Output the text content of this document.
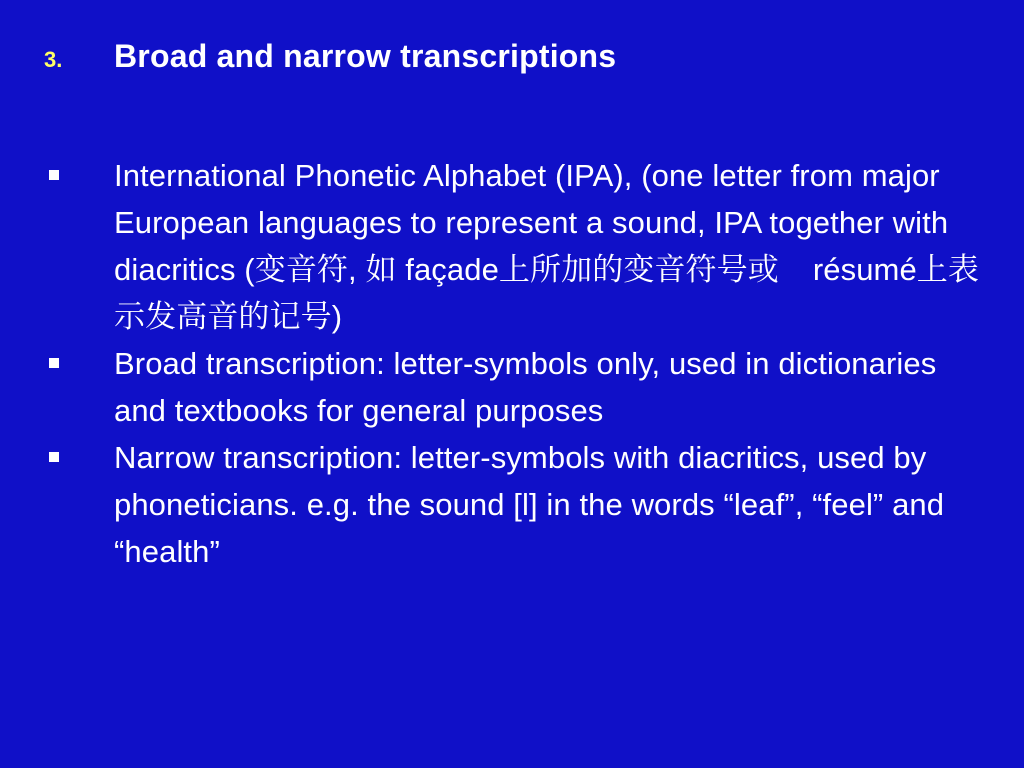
3.	Broad and narrow transcriptions
International Phonetic Alphabet (IPA), (one letter from major European languages to represent a sound, IPA together with diacritics (变音符, 如 façade上所加的变音符号或 résumé上表示发高音的记号)
Broad transcription: letter-symbols only, used in dictionaries and textbooks for general purposes
Narrow transcription: letter-symbols with diacritics, used by phoneticians. e.g. the sound [l] in the words “leaf”, “feel” and “health”
